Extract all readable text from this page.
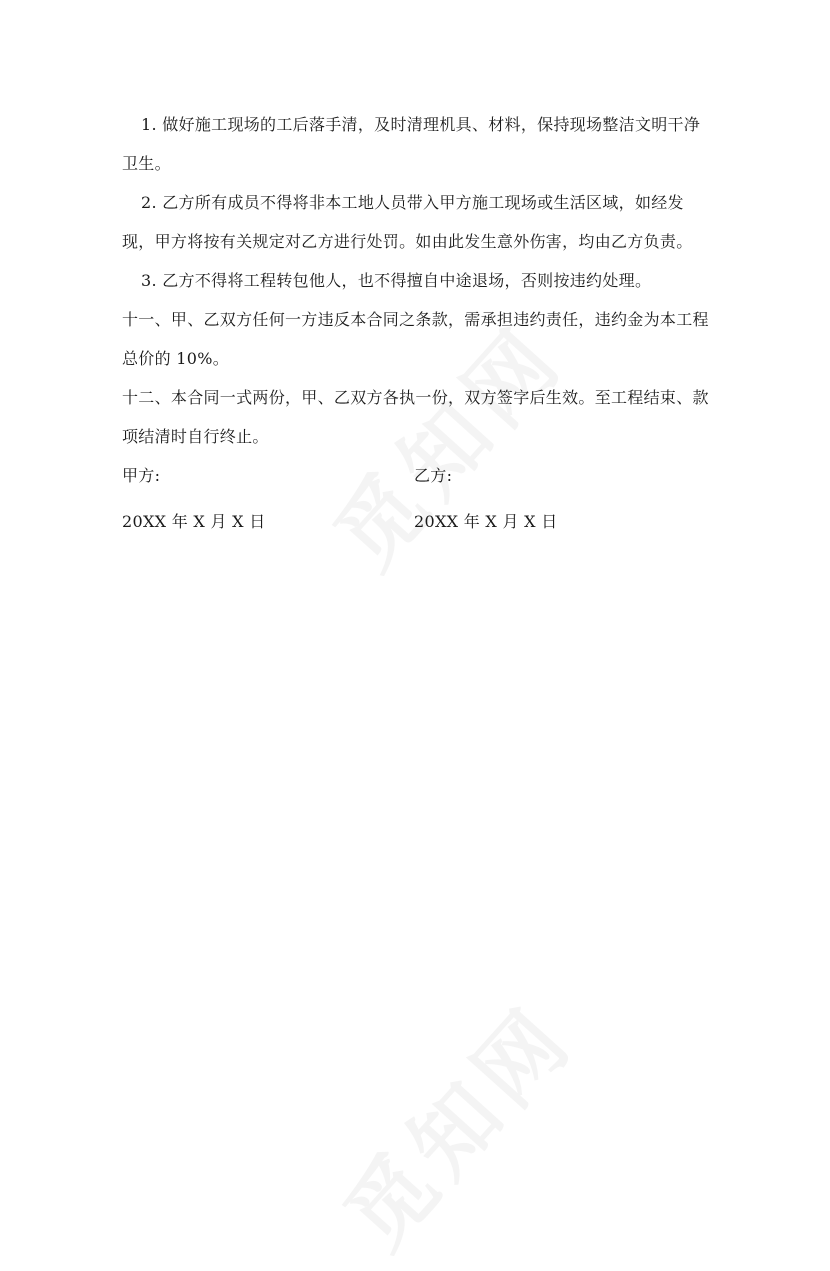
1. 做好施工现场的工后落手清，及时清理机具、材料，保持现场整洁文明干净卫生。

2. 乙方所有成员不得将非本工地人员带入甲方施工现场或生活区域，如经发现，甲方将按有关规定对乙方进行处罚。如由此发生意外伤害，均由乙方负责。

3. 乙方不得将工程转包他人，也不得擅自中途退场，否则按违约处理。

十一、甲、乙双方任何一方违反本合同之条款，需承担违约责任，违约金为本工程总价的 10%。

十二、本合同一式两份，甲、乙双方各执一份，双方签字后生效。至工程结束、款项结清时自行终止。

甲方:	乙方:
20XX 年 X 月 X 日	20XX 年 X 月 X 日
